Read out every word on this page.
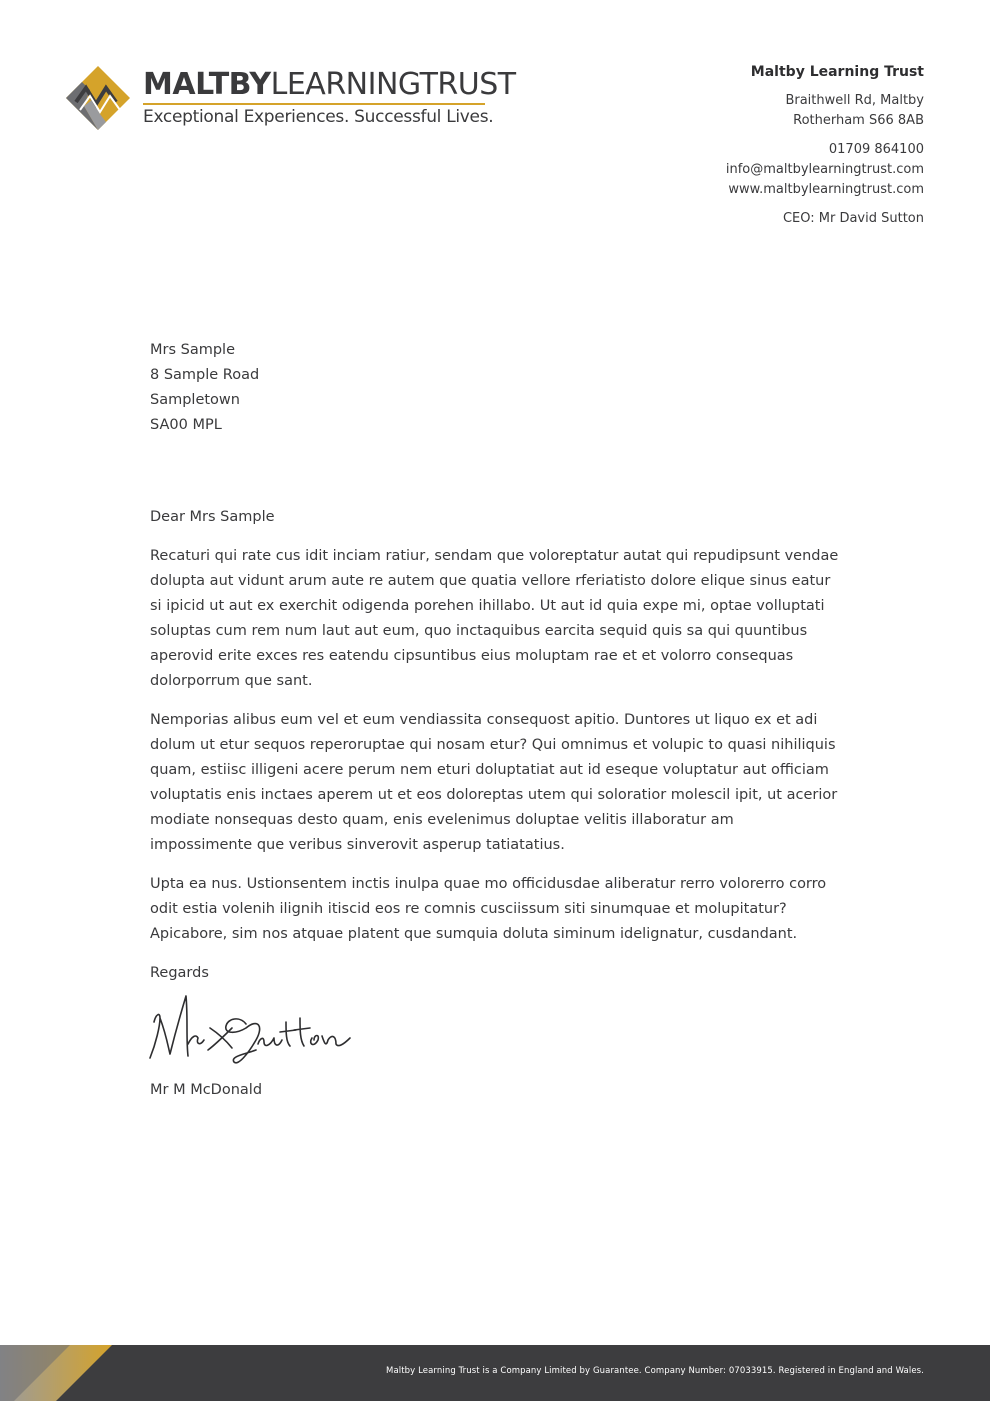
MALTBYLEARNINGTRUST
Exceptional Experiences. Successful Lives.
Maltby Learning Trust
Braithwell Rd, Maltby
Rotherham S66 8AB
01709 864100
info@maltbylearningtrust.com
www.maltbylearningtrust.com
CEO: Mr David Sutton
Mrs Sample
8 Sample Road
Sampletown
SA00 MPL

Dear Mrs Sample

Recaturi qui rate cus idit inciam ratiur, sendam que voloreptatur autat qui repudipsunt vendae dolupta aut vidunt arum aute re autem que quatia vellore rferiatisto dolore elique sinus eatur si ipicid ut aut ex exerchit odigenda porehen ihillabo. Ut aut id quia expe mi, optae volluptati soluptas cum rem num laut aut eum, quo inctaquibus earcita sequid quis sa qui quuntibus aperovid erite exces res eatendu cipsuntibus eius moluptam rae et et volorro consequas dolorporrum que sant.

Nemporias alibus eum vel et eum vendiassita consequost apitio. Duntores ut liquo ex et adi dolum ut etur sequos reperoruptae qui nosam etur? Qui omnimus et volupic to quasi nihiliquis quam, estiisc illigeni acere perum nem eturi doluptatiat aut id eseque voluptatur aut officiam voluptatis enis inctaes aperem ut et eos doloreptas utem qui soloratior molescil ipit, ut acerior modiate nonsequas desto quam, enis evelenimus doluptae velitis illaboratur am impossimente que veribus sinverovit asperup tatiatatius.

Upta ea nus. Ustionsentem inctis inulpa quae mo officidusdae aliberatur rerro volorerro corro odit estia volenih ilignih itiscid eos re comnis cusciissum siti sinumquae et molupitatur? Apicabore, sim nos atquae platent que sumquia doluta siminum idelignatur, cusdandant.

Regards

Mr M McDonald
Maltby Learning Trust is a Company Limited by Guarantee. Company Number: 07033915. Registered in England and Wales.
